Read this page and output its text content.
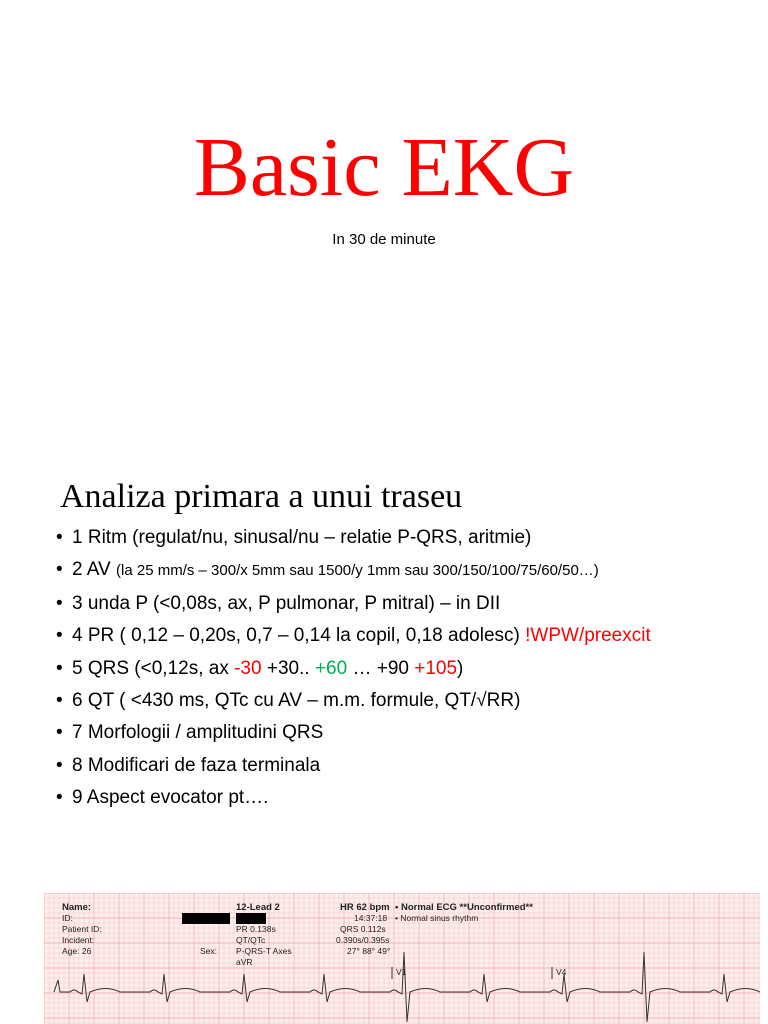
Basic EKG
In 30 de minute
Analiza primara a unui traseu
• 1 Ritm (regulat/nu, sinusal/nu – relatie P-QRS, aritmie)
• 2 AV (la 25 mm/s – 300/x 5mm sau 1500/y 1mm sau 300/150/100/75/60/50…)
• 3 unda P (<0,08s, ax, P pulmonar, P mitral) – in DII
• 4 PR ( 0,12 – 0,20s, 0,7 – 0,14 la copil, 0,18 adolesc) !WPW/preexcit
• 5 QRS (<0,12s, ax -30 +30.. +60 … +90 +105)
• 6 QT ( <430 ms, QTc cu AV – m.m. formule, QT/√RR)
• 7 Morfologii / amplitudini QRS
• 8 Modificari de faza terminala
• 9 Aspect evocator pt….
Name:
ID:
Patient ID:
Incident:
Age: 26	Sex:
12-Lead 2
PR 0.138s
QT/QTc
P-QRS-T Axes
HR 62 bpm
14:37:18
QRS 0.112s
0.390s/0.395s
27° 88° 49°
• Normal ECG **Unconfirmed**
• Normal sinus rhythm
aVR
V1	V4
